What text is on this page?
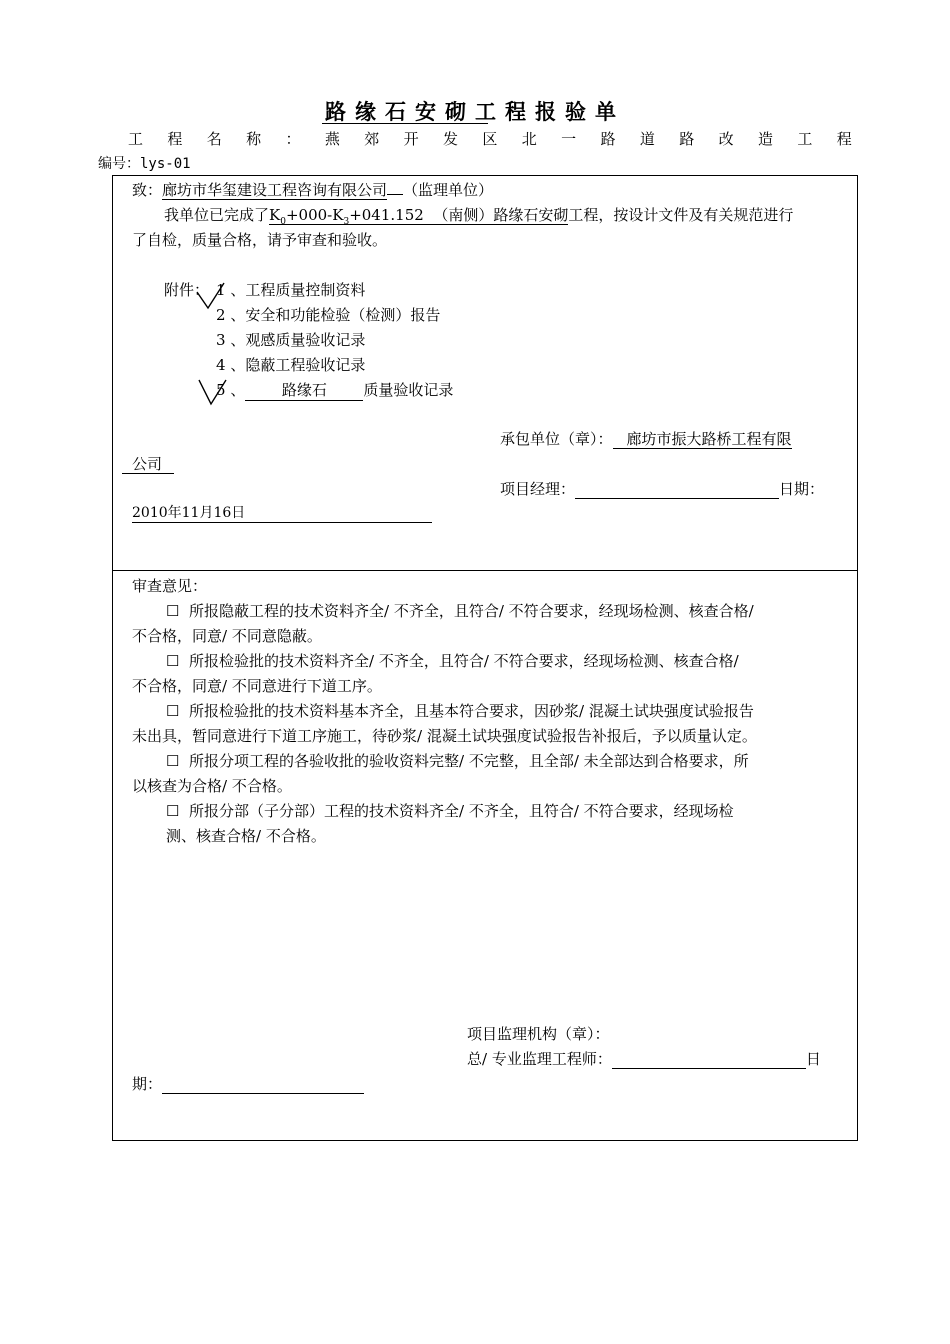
路缘石安砌工程报验单
工 程 名 称 ： 燕 郊 开 发 区 北 一 路 道 路 改 造 工 程
编号：lys-01
致：廊坊市华玺建设工程咨询有限公司 （监理单位）
我单位已完成了$K_0+000-K_3+041.152$  （南侧）路缘石安砌工程，按设计文件及有关规范进行
了自检，质量合格，请予审查和验收。
附件： 1 、工程质量控制资料
2 、安全和功能检验（检测）报告
3 、观感质量验收记录
4 、隐蔽工程验收记录
5 、 路缘石 质量验收记录
承包单位（章）： 廊坊市振大路桥工程有限
公司
项目经理：	日期：
2010年11月16日
审查意见：
☐ 所报隐蔽工程的技术资料齐全/ 不齐全，且符合/ 不符合要求，经现场检测、核查合格/
不合格，同意/ 不同意隐蔽。
☐ 所报检验批的技术资料齐全/ 不齐全，且符合/ 不符合要求，经现场检测、核查合格/
不合格，同意/ 不同意进行下道工序。
☐ 所报检验批的技术资料基本齐全，且基本符合要求，因砂浆/ 混凝土试块强度试验报告
未出具，暂同意进行下道工序施工，待砂浆/ 混凝土试块强度试验报告补报后，予以质量认定。
☐ 所报分项工程的各验收批的验收资料完整/ 不完整，且全部/ 未全部达到合格要求，所
以核查为合格/ 不合格。
☐ 所报分部（子分部）工程的技术资料齐全/ 不齐全，且符合/ 不符合要求，经现场检
测、核查合格/ 不合格。
项目监理机构（章）：
总/ 专业监理工程师：	日
期：
